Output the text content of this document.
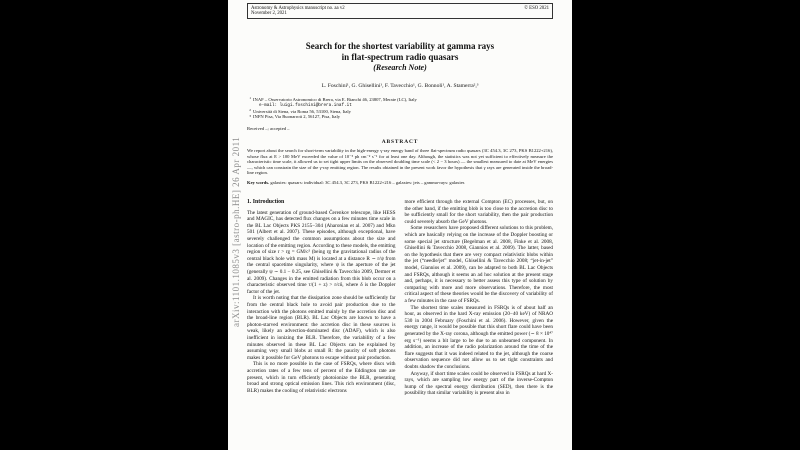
arXiv:1101.1085v3 [astro-ph.HE] 26 Apr 2011
Astronomy & Astrophysics manuscript no. aa v2
November 2, 2021
© ESO 2021
Search for the shortest variability at gamma rays
in flat-spectrum radio quasars
(Research Note)
L. Foschini¹, G. Ghisellini¹, F. Tavecchio¹, G. Bonnoli¹, A. Stamerra²,³
1 INAF – Osservatorio Astronomico di Brera, via E. Bianchi 46, 23807, Merate (LC), Italy
e-mail: luigi.foschini@brera.inaf.it
2 Università di Siena, via Roma 56, 53100, Siena, Italy
3 INFN Pisa, Via Buonarroti 2, 56127, Pisa, Italy
Received –; accepted –
ABSTRACT

We report about the search for short-term variability in the high-energy γ-ray energy band of three flat-spectrum radio quasars (3C 454.3, 3C 273, PKS B1222+216), whose flux at E > 100 MeV exceeded the value of 10⁻⁵ ph cm⁻² s⁻¹ for at least one day. Although, the statistics was not yet sufficient to effectively measure the characteristic time scale, it allowed us to set tight upper limits on the observed doubling time scale (< 2 − 3 hours) — the smallest measured to date at MeV energies —, which can constrain the size of the γ-ray emitting region. The results obtained in the present work favor the hypothesis that γ rays are generated inside the broad-line region.

Key words. galaxies: quasars: individual: 3C 454.3, 3C 273, PKS B1222+216 – galaxies: jets – gamma-rays: galaxies

1. Introduction

The latest generation of ground-based Čerenkov telescope, like HESS and MAGIC, has detected flux changes on a few minutes time scale in the BL Lac Objects PKS 2155−304 (Aharonian et al. 2007) and Mkn 501 (Albert et al. 2007). These episodes, although exceptional, have severely challenged the common assumptions about the size and location of the emitting region. According to these models, the emitting region of size r > rg = GM/c² (being rg the gravitational radius of the central black hole with mass M) is located at a distance R ∼ r/ψ from the central spacetime singularity, where ψ is the aperture of the jet (generally ψ ∼ 0.1 − 0.25, see Ghisellini & Tavecchio 2009, Dermer et al. 2009). Changes in the emitted radiation from this blob occur on a characteristic observed time τ/(1 + z) > r/cδ, where δ is the Doppler factor of the jet.

It is worth noting that the dissipation zone should be sufficiently far from the central black hole to avoid pair production due to the interaction with the photons emitted mainly by the accretion disc and the broad-line region (BLR). BL Lac Objects are known to have a photon-starved environment: the accretion disc in these sources is weak, likely an advection-dominated disc (ADAF), which is also inefficient in ionizing the BLR. Therefore, the variability of a few minutes observed in these BL Lac Objects can be explained by assuming very small blobs at small R: the paucity of soft photons makes it possible for GeV photons to escape without pair production.

This is no more possible in the case of FSRQs, where discs with accretion rates of a few tens of percent of the Eddington rate are present, which in turn efficiently photoionize the BLR, generating broad and strong optical emission lines. This rich environment (disc, BLR) makes the cooling of relativistic electrons

more efficient through the external Compton (EC) processes, but, on the other hand, if the emitting blob is too close to the accretion disc to be sufficiently small for the short variability, then the pair production could severely absorb the GeV photons.

Some researchers have proposed different solutions to this problem, which are basically relying on the increase of the Doppler boosting or some special jet structure (Begelman et al. 2008, Finke et al. 2008, Ghisellini & Tavecchio 2008, Giannios et al. 2009). The latter, based on the hypothesis that there are very compact relativistic blobs within the jet (“needle/jet” model, Ghisellini & Tavecchio 2008; “jet-in-jet” model, Giannios et al. 2009), can be adapted to both BL Lac Objects and FSRQs, although it seems an ad hoc solution at the present stage and, perhaps, it is necessary to better assess this type of solution by comparing with more and more observations. Therefore, the most critical aspect of these theories would be the discovery of variability of a few minutes in the case of FSRQs.

The shortest time scales measured in FSRQs is of about half an hour, as observed in the hard X-ray emission (20−40 keV) of NRAO 530 in 2004 February (Foschini et al. 2006). However, given the energy range, it would be possible that this short flare could have been generated by the X-ray corona, although the emitted power (∼ 8 × 10⁴⁷ erg s⁻¹) seems a bit large to be due to an unbeamed component. In addition, an increase of the radio polarization around the time of the flare suggests that it was indeed related to the jet, although the coarse observation sequence did not allow us to set tight constraints and doubts shadow the conclusions.

Anyway, if short time scales could be observed in FSRQs at hard X-rays, which are sampling low energy part of the inverse-Compton hump of the spectral energy distribution (SED), then there is the possibility that similar variability is present also in
